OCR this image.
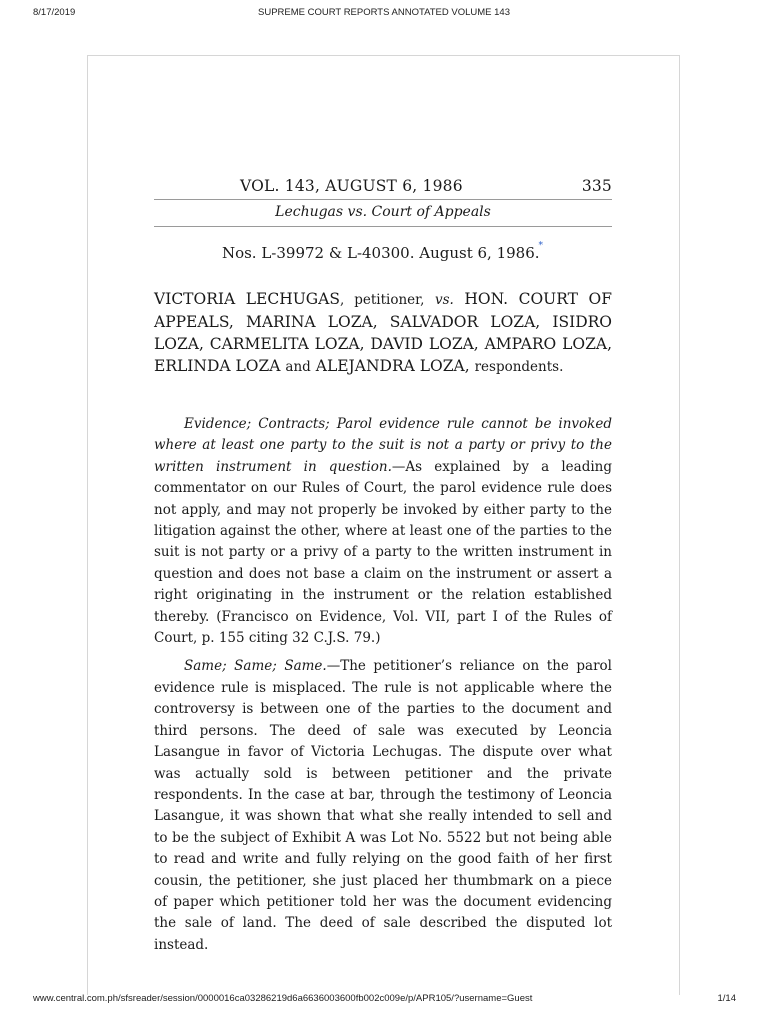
8/17/2019	SUPREME COURT REPORTS ANNOTATED VOLUME 143
VOL. 143, AUGUST 6, 1986	335
Lechugas vs. Court of Appeals
Nos. L-39972 & L-40300. August 6, 1986.*
VICTORIA LECHUGAS, petitioner, vs. HON. COURT OF APPEALS, MARINA LOZA, SALVADOR LOZA, ISIDRO LOZA, CARMELITA LOZA, DAVID LOZA, AMPARO LOZA, ERLINDA LOZA and ALEJANDRA LOZA, respondents.

Evidence; Contracts; Parol evidence rule cannot be invoked where at least one party to the suit is not a party or privy to the written instrument in question.—As explained by a leading commentator on our Rules of Court, the parol evidence rule does not apply, and may not properly be invoked by either party to the litigation against the other, where at least one of the parties to the suit is not party or a privy of a party to the written instrument in question and does not base a claim on the instrument or assert a right originating in the instrument or the relation established thereby. (Francisco on Evidence, Vol. VII, part I of the Rules of Court, p. 155 citing 32 C.J.S. 79.)

Same; Same; Same.—The petitioner’s reliance on the parol evidence rule is misplaced. The rule is not applicable where the controversy is between one of the parties to the document and third persons. The deed of sale was executed by Leoncia Lasangue in favor of Victoria Lechugas. The dispute over what was actually sold is between petitioner and the private respondents. In the case at bar, through the testimony of Leoncia Lasangue, it was shown that what she really intended to sell and to be the subject of Exhibit A was Lot No. 5522 but not being able to read and write and fully relying on the good faith of her first cousin, the petitioner, she just placed her thumbmark on a piece of paper which petitioner told her was the document evidencing the sale of land. The deed of sale described the disputed lot instead.

www.central.com.ph/sfsreader/session/0000016ca03286219d6a6636003600fb002c009e/p/APR105/?username=Guest	1/14
